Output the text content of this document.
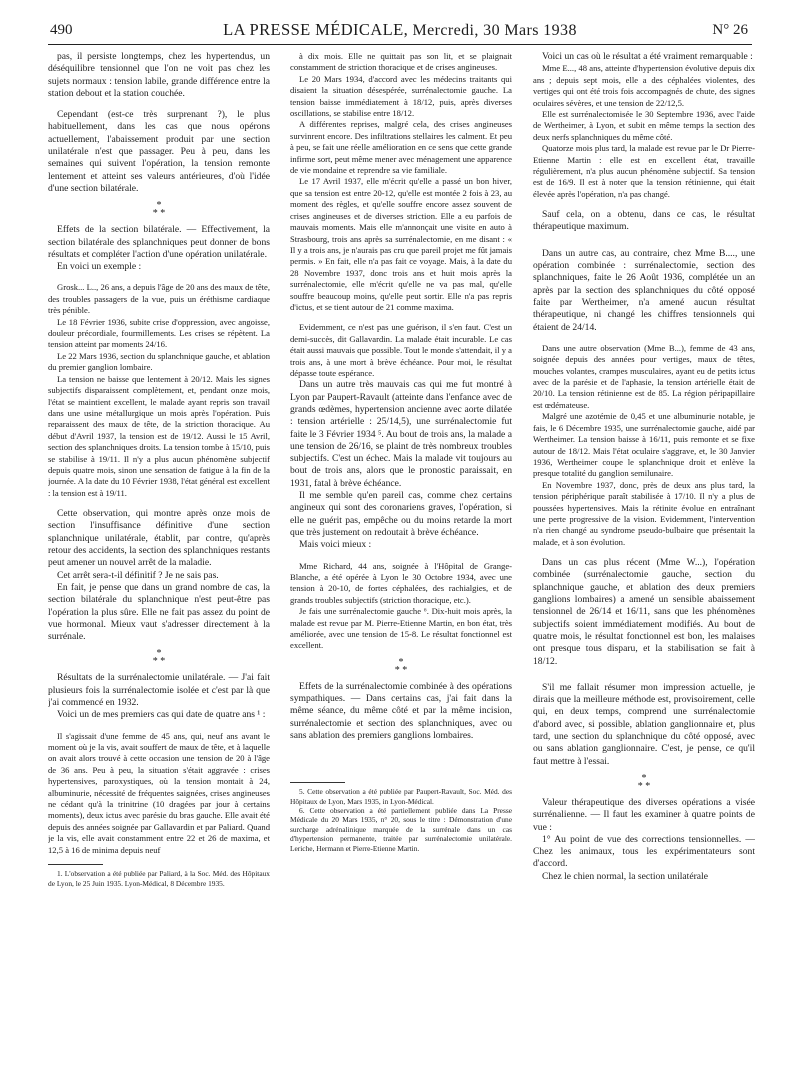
490	LA PRESSE MÉDICALE, Mercredi, 30 Mars 1938	N° 26

pas, il persiste longtemps, chez les hypertendus, un déséquilibre tensionnel que l'on ne voit pas chez les sujets normaux : tension labile, grande différence entre la station debout et la station couchée.

Cependant (est-ce très surprenant ?), le plus habituellement, dans les cas que nous opérons actuellement, l'abaissement produit par une section unilatérale n'est que passager. Peu à peu, dans les semaines qui suivent l'opération, la tension remonte lentement et atteint ses valeurs antérieures, d'où l'idée d'une section bilatérale.

*
* *

Effets de la section bilatérale. — Effectivement, la section bilatérale des splanchniques peut donner de bons résultats et compléter l'action d'une opération unilatérale.

En voici un exemple :

Grosk... L.., 26 ans, a depuis l'âge de 20 ans des maux de tête, des troubles passagers de la vue, puis un éréthisme cardiaque très pénible.

Le 18 Février 1936, subite crise d'oppression, avec angoisse, douleur précordiale, fourmillements. Les crises se répètent. La tension atteint par moments 24/16.

Le 22 Mars 1936, section du splanchnique gauche, et ablation du premier ganglion lombaire.

La tension ne baisse que lentement à 20/12. Mais les signes subjectifs disparaissent complètement, et, pendant onze mois, l'état se maintient excellent, le malade ayant repris son travail dans une usine métallurgique un mois après l'opération. Puis reparaissent des maux de tête, de la striction thoracique. Au début d'Avril 1937, la tension est de 19/12. Aussi le 15 Avril, section des splanchniques droits. La tension tombe à 15/10, puis se stabilise à 19/11. Il n'y a plus aucun phénomène subjectif depuis quatre mois, sinon une sensation de fatigue à la fin de la journée. A la date du 10 Février 1938, l'état général est excellent : la tension est à 19/11.

Cette observation, qui montre après onze mois de section l'insuffisance définitive d'une section splanchnique unilatérale, établit, par contre, qu'après retour des accidents, la section des splanchniques restants peut amener un nouvel arrêt de la maladie.

Cet arrêt sera-t-il définitif ? Je ne sais pas.

En fait, je pense que dans un grand nombre de cas, la section bilatérale du splanchnique n'est peut-être pas l'opération la plus sûre. Elle ne fait pas assez du point de vue hormonal. Mieux vaut s'adresser directement à la surrénale.

*
* *

Résultats de la surrénalectomie unilatérale. — J'ai fait plusieurs fois la surrénalectomie isolée et c'est par là que j'ai commencé en 1932.

Voici un de mes premiers cas qui date de quatre ans ¹ :

Il s'agissait d'une femme de 45 ans, qui, neuf ans avant le moment où je la vis, avait souffert de maux de tête, et à laquelle on avait alors trouvé à cette occasion une tension de 20 à l'âge de 36 ans. Peu à peu, la situation s'était aggravée : crises hypertensives, paroxystiques, où la tension montait à 24, albuminurie, nécessité de fréquentes saignées, crises angineuses ne cédant qu'à la trinitrine (10 dragées par jour à certains moments), deux ictus avec parésie du bras gauche. Elle avait été depuis des années soignée par Gallavardin et par Paliard. Quand je la vis, elle avait constamment entre 22 et 26 de maxima, et 12,5 à 16 de minima depuis neuf

1. L'observation a été publiée par Paliard, à la Soc. Méd. des Hôpitaux de Lyon, le 25 Juin 1935. Lyon-Médical, 8 Décembre 1935.

à dix mois. Elle ne quittait pas son lit, et se plaignait constamment de striction thoracique et de crises angineuses.

Le 20 Mars 1934, d'accord avec les médecins traitants qui disaient la situation désespérée, surrénalectomie gauche. La tension baisse immédiatement à 18/12, puis, après diverses oscillations, se stabilise entre 18/12.

A différentes reprises, malgré cela, des crises angineuses survinrent encore. Des infiltrations stellaires les calment. Et peu à peu, se fait une réelle amélioration en ce sens que cette grande infirme sort, peut même mener avec ménagement une apparence de vie mondaine et reprendre sa vie familiale.

Le 17 Avril 1937, elle m'écrit qu'elle a passé un bon hiver, que sa tension est entre 20-12, qu'elle est montée 2 fois à 23, au moment des règles, et qu'elle souffre encore assez souvent de crises angineuses et de diverses striction. Elle a eu parfois de mauvais moments. Mais elle m'annonçait une visite en auto à Strasbourg, trois ans après sa surrénalectomie, en me disant : « Il y a trois ans, je n'aurais pas cru que pareil projet me fût jamais permis. » En fait, elle n'a pas fait ce voyage. Mais, à la date du 28 Novembre 1937, donc trois ans et huit mois après la surrénalectomie, elle m'écrit qu'elle ne va pas mal, qu'elle souffre beaucoup moins, qu'elle peut sortir. Elle n'a pas repris d'ictus, et se tient autour de 21 comme maxima.

Evidemment, ce n'est pas une guérison, il s'en faut. C'est un demi-succès, dit Gallavardin. La malade était incurable. Le cas était aussi mauvais que possible. Tout le monde s'attendait, il y a trois ans, à une mort à brève échéance. Pour moi, le résultat dépasse toute espérance.

Dans un autre très mauvais cas qui me fut montré à Lyon par Paupert-Ravault (atteinte dans l'enfance avec de grands œdèmes, hypertension ancienne avec aorte dilatée : tension artérielle : 25/14,5), une surrénalectomie fut faite le 3 Février 1934 ⁵. Au bout de trois ans, la malade a une tension de 26/16, se plaint de très nombreux troubles subjectifs. C'est un échec. Mais la malade vit toujours au bout de trois ans, alors que le pronostic paraissait, en 1931, fatal à brève échéance.

Il me semble qu'en pareil cas, comme chez certains angineux qui sont des coronariens graves, l'opération, si elle ne guérit pas, empêche ou du moins retarde la mort que très justement on redoutait à brève échéance.

Mais voici mieux :

Mme Richard, 44 ans, soignée à l'Hôpital de Grange-Blanche, a été opérée à Lyon le 30 Octobre 1934, avec une tension à 20-10, de fortes céphalées, des rachialgies, et de grands troubles subjectifs (striction thoracique, etc.).

Je fais une surrénalectomie gauche ⁶. Dix-huit mois après, la malade est revue par M. Pierre-Etienne Martin, en bon état, très améliorée, avec une tension de 15-8. Le résultat fonctionnel est excellent.

*
* *

Effets de la surrénalectomie combinée à des opérations sympathiques. — Dans certains cas, j'ai fait dans la même séance, du même côté et par la même incision, surrénalectomie et section des splanchniques, avec ou sans ablation des premiers ganglions lombaires.

5. Cette observation a été publiée par Paupert-Ravault, Soc. Méd. des Hôpitaux de Lyon, Mars 1935, in Lyon-Médical.

6. Cette observation a été partiellement publiée dans La Presse Médicale du 20 Mars 1935, n° 20, sous le titre : Démonstration d'une surcharge adrénalinique marquée de la surrénale dans un cas d'hypertension permanente, traitée par surrénalectomie unilatérale. Leriche, Hermann et Pierre-Etienne Martin.

Voici un cas où le résultat a été vraiment remarquable :

Mme E..., 48 ans, atteinte d'hypertension évolutive depuis dix ans ; depuis sept mois, elle a des céphalées violentes, des vertiges qui ont été trois fois accompagnés de chute, des signes oculaires sévères, et une tension de 22/12,5.

Elle est surrénalectomisée le 30 Septembre 1936, avec l'aide de Wertheimer, à Lyon, et subit en même temps la section des deux nerfs splanchniques du même côté.

Quatorze mois plus tard, la malade est revue par le Dr Pierre-Etienne Martin : elle est en excellent état, travaille régulièrement, n'a plus aucun phénomène subjectif. Sa tension est de 16/9. Il est à noter que la tension rétinienne, qui était élevée après l'opération, n'a pas changé.

Sauf cela, on a obtenu, dans ce cas, le résultat thérapeutique maximum.

Dans un autre cas, au contraire, chez Mme B...., une opération combinée : surrénalectomie, section des splanchniques, faite le 26 Août 1936, complétée un an après par la section des splanchniques du côté opposé faite par Wertheimer, n'a amené aucun résultat thérapeutique, ni changé les chiffres tensionnels qui étaient de 24/14.

Dans une autre observation (Mme B...), femme de 43 ans, soignée depuis des années pour vertiges, maux de têtes, mouches volantes, crampes musculaires, ayant eu de petits ictus avec de la parésie et de l'aphasie, la tension artérielle était de 20/10. La tension rétinienne est de 85. La région péripapillaire est œdémateuse.

Malgré une azotémie de 0,45 et une albuminurie notable, je fais, le 6 Décembre 1935, une surrénalectomie gauche, aidé par Wertheimer. La tension baisse à 16/11, puis remonte et se fixe autour de 18/12. Mais l'état oculaire s'aggrave, et, le 30 Janvier 1936, Wertheimer coupe le splanchnique droit et enlève la presque totalité du ganglion semilunaire.

En Novembre 1937, donc, près de deux ans plus tard, la tension périphérique paraît stabilisée à 17/10. Il n'y a plus de poussées hypertensives. Mais la rétinite évolue en entraînant une perte progressive de la vision. Evidemment, l'intervention n'a rien changé au syndrome pseudo-bulbaire que présentait la malade, et à son évolution.

Dans un cas plus récent (Mme W...), l'opération combinée (surrénalectomie gauche, section du splanchnique gauche, et ablation des deux premiers ganglions lombaires) a amené un sensible abaissement tensionnel de 26/14 et 16/11, sans que les phénomènes subjectifs soient immédiatement modifiés. Au bout de quatre mois, le résultat fonctionnel est bon, les malaises ont presque tous disparu, et la stabilisation se fait à 18/12.

S'il me fallait résumer mon impression actuelle, je dirais que la meilleure méthode est, provisoirement, celle qui, en deux temps, comprend une surrénalectomie d'abord avec, si possible, ablation ganglionnaire et, plus tard, une section du splanchnique du côté opposé, avec ou sans ablation ganglionnaire. C'est, je pense, ce qu'il faut mettre à l'essai.

*
* *

Valeur thérapeutique des diverses opérations a visée surrénalienne. — Il faut les examiner à quatre points de vue :

1° Au point de vue des corrections tensionnelles. — Chez les animaux, tous les expérimentateurs sont d'accord.

Chez le chien normal, la section unilatérale
